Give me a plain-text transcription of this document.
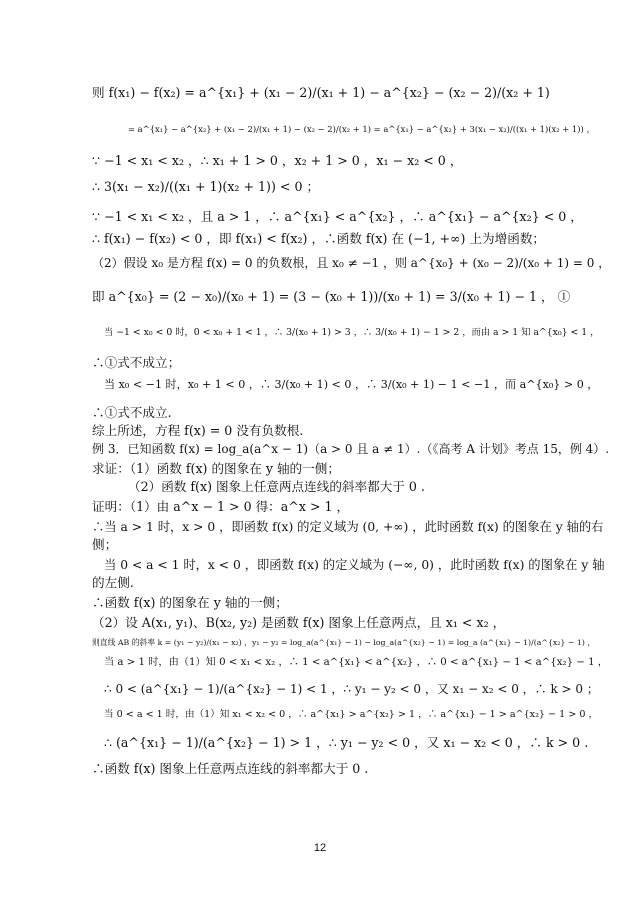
则 f(x₁) − f(x₂) = a^{x₁} + (x₁ − 2)/(x₁ + 1) − a^{x₂} − (x₂ − 2)/(x₂ + 1)
= a^{x₁} − a^{x₂} + (x₁ − 2)/(x₁ + 1) − (x₂ − 2)/(x₂ + 1) = a^{x₁} − a^{x₂} + 3(x₁ − x₂)/((x₁ + 1)(x₂ + 1)) ，
∵ −1 < x₁ < x₂ ，∴ x₁ + 1 > 0 ，x₂ + 1 > 0 ，x₁ − x₂ < 0 ，
∴ 3(x₁ − x₂)/((x₁ + 1)(x₂ + 1)) < 0 ；
∵ −1 < x₁ < x₂ ，且 a > 1 ，∴ a^{x₁} < a^{x₂} ，∴ a^{x₁} − a^{x₂} < 0 ，
∴ f(x₁) − f(x₂) < 0 ，即 f(x₁) < f(x₂) ，∴函数 f(x) 在 (−1, +∞) 上为增函数；
（2）假设 x₀ 是方程 f(x) = 0 的负数根，且 x₀ ≠ −1 ，则 a^{x₀} + (x₀ − 2)/(x₀ + 1) = 0 ，
即 a^{x₀} = (2 − x₀)/(x₀ + 1) = (3 − (x₀ + 1))/(x₀ + 1) = 3/(x₀ + 1) − 1 ， ①
当 −1 < x₀ < 0 时，0 < x₀ + 1 < 1 ，∴ 3/(x₀ + 1) > 3 ，∴ 3/(x₀ + 1) − 1 > 2 ，而由 a > 1 知 a^{x₀} < 1 ，
∴①式不成立；
当 x₀ < −1 时，x₀ + 1 < 0 ，∴ 3/(x₀ + 1) < 0 ，∴ 3/(x₀ + 1) − 1 < −1 ，而 a^{x₀} > 0 ，
∴①式不成立.
综上所述，方程 f(x) = 0 没有负数根.
例 3．已知函数 f(x) = log_a(a^x − 1)（a > 0 且 a ≠ 1）.（《高考 A 计划》考点 15，例 4）.
求证：（1）函数 f(x) 的图象在 y 轴的一侧；
（2）函数 f(x) 图象上任意两点连线的斜率都大于 0 .
证明：（1）由 a^x − 1 > 0 得：a^x > 1 ，
∴当 a > 1 时，x > 0 ，即函数 f(x) 的定义域为 (0, +∞) ，此时函数 f(x) 的图象在 y 轴的右
侧；
当 0 < a < 1 时，x < 0 ，即函数 f(x) 的定义域为 (−∞, 0) ，此时函数 f(x) 的图象在 y 轴
的左侧.
∴函数 f(x) 的图象在 y 轴的一侧；
（2）设 A(x₁, y₁)、B(x₂, y₂) 是函数 f(x) 图象上任意两点，且 x₁ < x₂ ，
则直线 AB 的斜率 k = (y₁ − y₂)/(x₁ − x₂) ，y₁ − y₂ = log_a(a^{x₁} − 1) − log_a(a^{x₂} − 1) = log_a (a^{x₁} − 1)/(a^{x₂} − 1) ，
当 a > 1 时，由（1）知 0 < x₁ < x₂ ，∴ 1 < a^{x₁} < a^{x₂} ，∴ 0 < a^{x₁} − 1 < a^{x₂} − 1 ，
∴ 0 < (a^{x₁} − 1)/(a^{x₂} − 1) < 1 ，∴ y₁ − y₂ < 0 ，又 x₁ − x₂ < 0 ，∴ k > 0 ；
当 0 < a < 1 时，由（1）知 x₁ < x₂ < 0 ，∴ a^{x₁} > a^{x₂} > 1 ，∴ a^{x₁} − 1 > a^{x₂} − 1 > 0 ，
∴ (a^{x₁} − 1)/(a^{x₂} − 1) > 1 ，∴ y₁ − y₂ < 0 ，又 x₁ − x₂ < 0 ，∴ k > 0 .
∴函数 f(x) 图象上任意两点连线的斜率都大于 0 .
12
